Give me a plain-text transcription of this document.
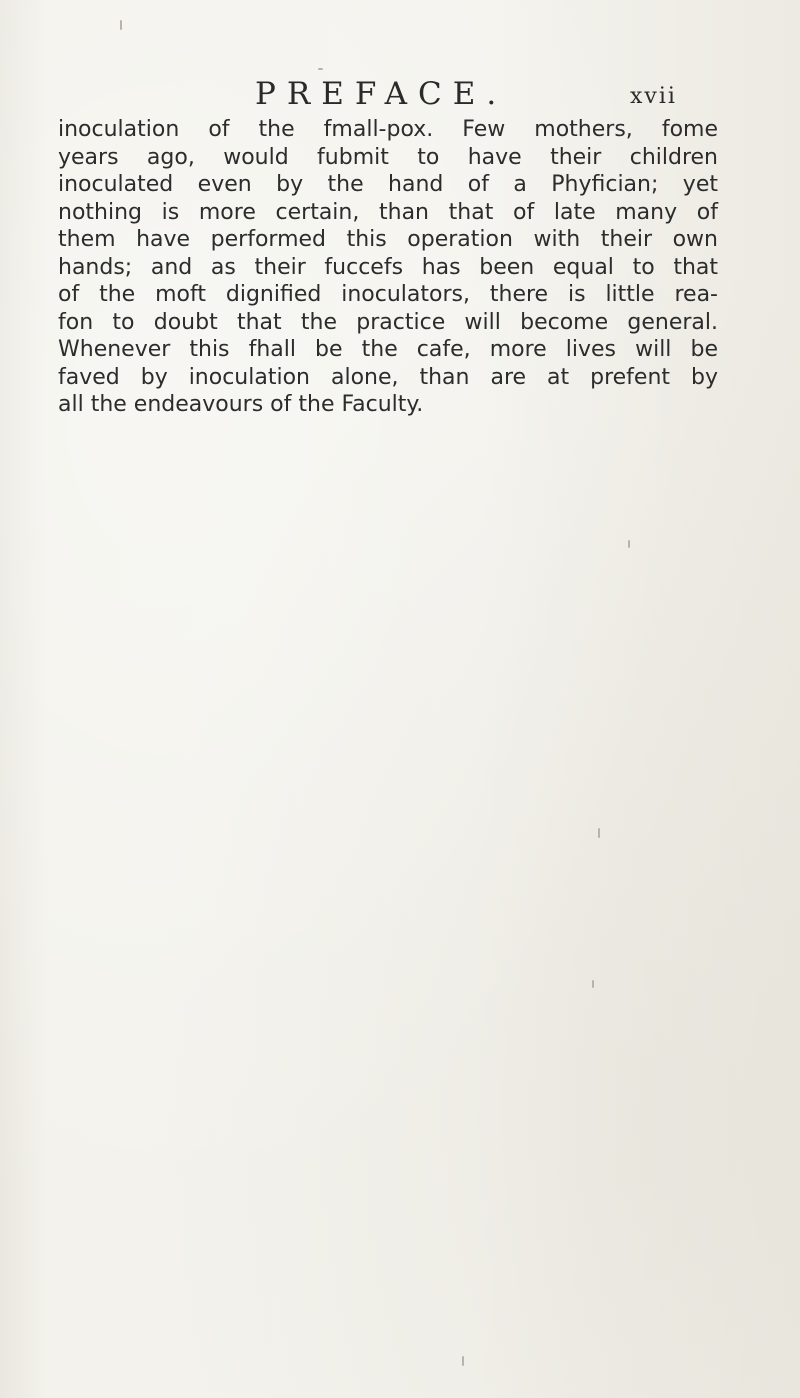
PREFACE.	xvii
inoculation of the fmall-pox. Few mothers, fome
years ago, would fubmit to have their children
inoculated even by the hand of a Phyfician; yet
nothing is more certain, than that of late many of
them have performed this operation with their own
hands; and as their fuccefs has been equal to that
of the moft dignified inoculators, there is little rea-
fon to doubt that the practice will become general.
Whenever this fhall be the cafe, more lives will be
faved by inoculation alone, than are at prefent by
all the endeavours of the Faculty.
